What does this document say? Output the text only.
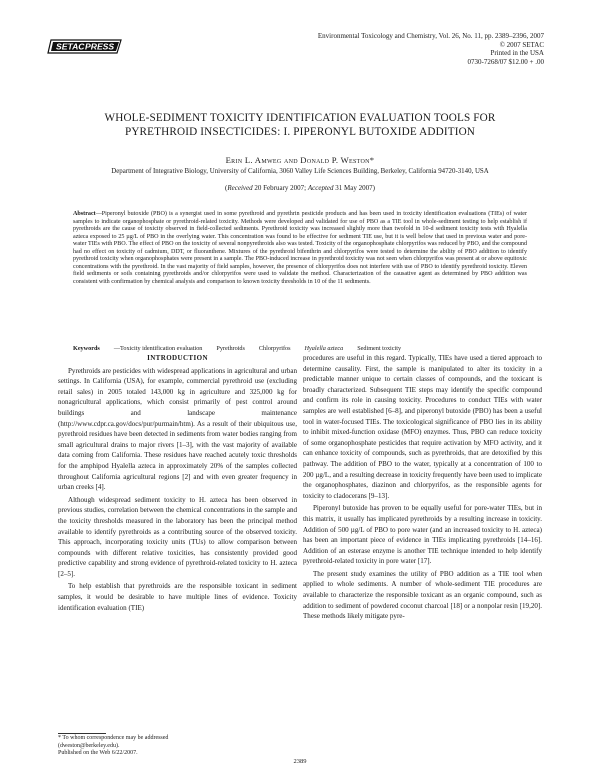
SETAC PRESS
Environmental Toxicology and Chemistry, Vol. 26, No. 11, pp. 2389–2396, 2007
© 2007 SETAC
Printed in the USA
0730-7268/07 $12.00 + .00
WHOLE-SEDIMENT TOXICITY IDENTIFICATION EVALUATION TOOLS FOR
PYRETHROID INSECTICIDES: I. PIPERONYL BUTOXIDE ADDITION
Erin L. Amweg and Donald P. Weston*
Department of Integrative Biology, University of California, 3060 Valley Life Sciences Building, Berkeley, California 94720-3140, USA
(Received 20 February 2007; Accepted 31 May 2007)
Abstract—Piperonyl butoxide (PBO) is a synergist used in some pyrethroid and pyrethrin pesticide products and has been used in toxicity identification evaluations (TIEs) of water samples to indicate organophosphate or pyrethroid-related toxicity. Methods were developed and validated for use of PBO as a TIE tool in whole-sediment testing to help establish if pyrethroids are the cause of toxicity observed in field-collected sediments. Pyrethroid toxicity was increased slightly more than twofold in 10-d sediment toxicity tests with Hyalella azteca exposed to 25 µg/L of PBO in the overlying water. This concentration was found to be effective for sediment TIE use, but it is well below that used in previous water and pore-water TIEs with PBO. The effect of PBO on the toxicity of several nonpyrethroids also was tested. Toxicity of the organophosphate chlorpyrifos was reduced by PBO, and the compound had no effect on toxicity of cadmium, DDT, or fluoranthene. Mixtures of the pyrethroid bifenthrin and chlorpyrifos were tested to determine the ability of PBO addition to identify pyrethroid toxicity when organophosphates were present in a sample. The PBO-induced increase in pyrethroid toxicity was not seen when chlorpyrifos was present at or above equitoxic concentrations with the pyrethroid. In the vast majority of field samples, however, the presence of chlorpyrifos does not interfere with use of PBO to identify pyrethroid toxicity. Eleven field sediments or soils containing pyrethroids and/or chlorpyrifos were used to validate the method. Characterization of the causative agent as determined by PBO addition was consistent with confirmation by chemical analysis and comparison to known toxicity thresholds in 10 of the 11 sediments.
Keywords —Toxicity identification evaluation Pyrethroids Chlorpyrifos Hyalella azteca Sediment toxicity
INTRODUCTION

Pyrethroids are pesticides with widespread applications in agricultural and urban settings. In California (USA), for example, commercial pyrethroid use (excluding retail sales) in 2005 totaled 143,000 kg in agriculture and 325,000 kg for nonagricultural applications, which consist primarily of pest control around buildings and landscape maintenance (http://www.cdpr.ca.gov/docs/pur/purmain/htm). As a result of their ubiquitous use, pyrethroid residues have been detected in sediments from water bodies ranging from small agricultural drains to major rivers [1–3], with the vast majority of available data coming from California. These residues have reached acutely toxic thresholds for the amphipod Hyalella azteca in approximately 20% of the samples collected throughout California agricultural regions [2] and with even greater frequency in urban creeks [4].

Although widespread sediment toxicity to H. azteca has been observed in previous studies, correlation between the chemical concentrations in the sample and the toxicity thresholds measured in the laboratory has been the principal method available to identify pyrethroids as a contributing source of the observed toxicity. This approach, incorporating toxicity units (TUs) to allow comparison between compounds with different relative toxicities, has consistently provided good predictive capability and strong evidence of pyrethroid-related toxicity to H. azteca [2–5].

To help establish that pyrethroids are the responsible toxicant in sediment samples, it would be desirable to have multiple lines of evidence. Toxicity identification evaluation (TIE)

procedures are useful in this regard. Typically, TIEs have used a tiered approach to determine causality. First, the sample is manipulated to alter its toxicity in a predictable manner unique to certain classes of compounds, and the toxicant is broadly characterized. Subsequent TIE steps may identify the specific compound and confirm its role in causing toxicity. Procedures to conduct TIEs with water samples are well established [6–8], and piperonyl butoxide (PBO) has been a useful tool in water-focused TIEs. The toxicological significance of PBO lies in its ability to inhibit mixed-function oxidase (MFO) enzymes. Thus, PBO can reduce toxicity of some organophosphate pesticides that require activation by MFO activity, and it can enhance toxicity of compounds, such as pyrethroids, that are detoxified by this pathway. The addition of PBO to the water, typically at a concentration of 100 to 200 µg/L, and a resulting decrease in toxicity frequently have been used to implicate the organophosphates, diazinon and chlorpyrifos, as the responsible agents for toxicity to cladocerans [9–13].

Piperonyl butoxide has proven to be equally useful for pore-water TIEs, but in this matrix, it usually has implicated pyrethroids by a resulting increase in toxicity. Addition of 500 µg/L of PBO to pore water (and an increased toxicity to H. azteca) has been an important piece of evidence in TIEs implicating pyrethroids [14–16]. Addition of an esterase enzyme is another TIE technique intended to help identify pyrethroid-related toxicity in pore water [17].

The present study examines the utility of PBO addition as a TIE tool when applied to whole sediments. A number of whole-sediment TIE procedures are available to characterize the responsible toxicant as an organic compound, such as addition to sediment of powdered coconut charcoal [18] or a nonpolar resin [19,20]. These methods likely mitigate pyre-

* To whom correspondence may be addressed
(dweston@berkeley.edu).
Published on the Web 6/22/2007.
2389
